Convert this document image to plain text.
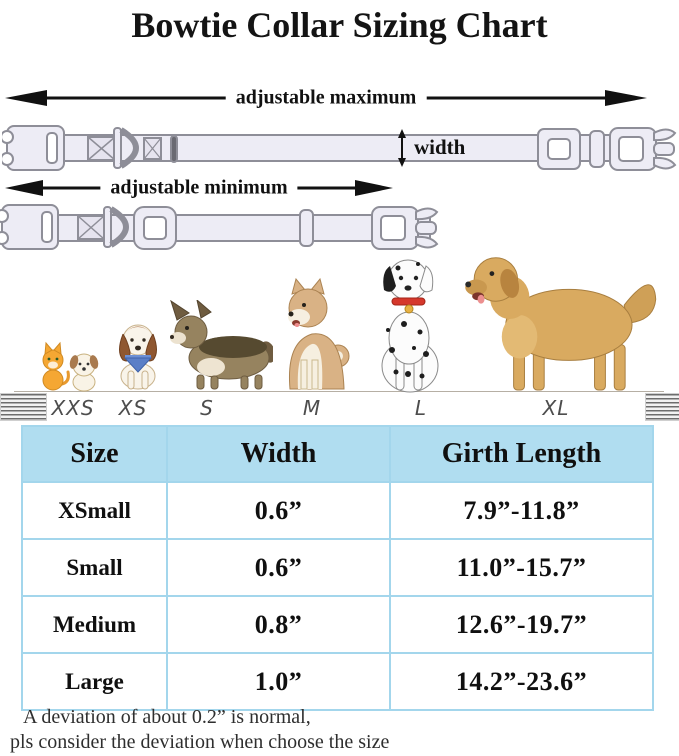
Bowtie Collar Sizing Chart
adjustable maximum
width
adjustable minimum
XXS XS	S	M	L	XL
Size	Width	Girth Length
XSmall	0.6”	7.9”-11.8”
Small	0.6”	11.0”-15.7”
Medium	0.8”	12.6”-19.7”
Large	1.0”	14.2”-23.6”
A deviation of about 0.2” is normal,
pls consider the deviation when choose the size
